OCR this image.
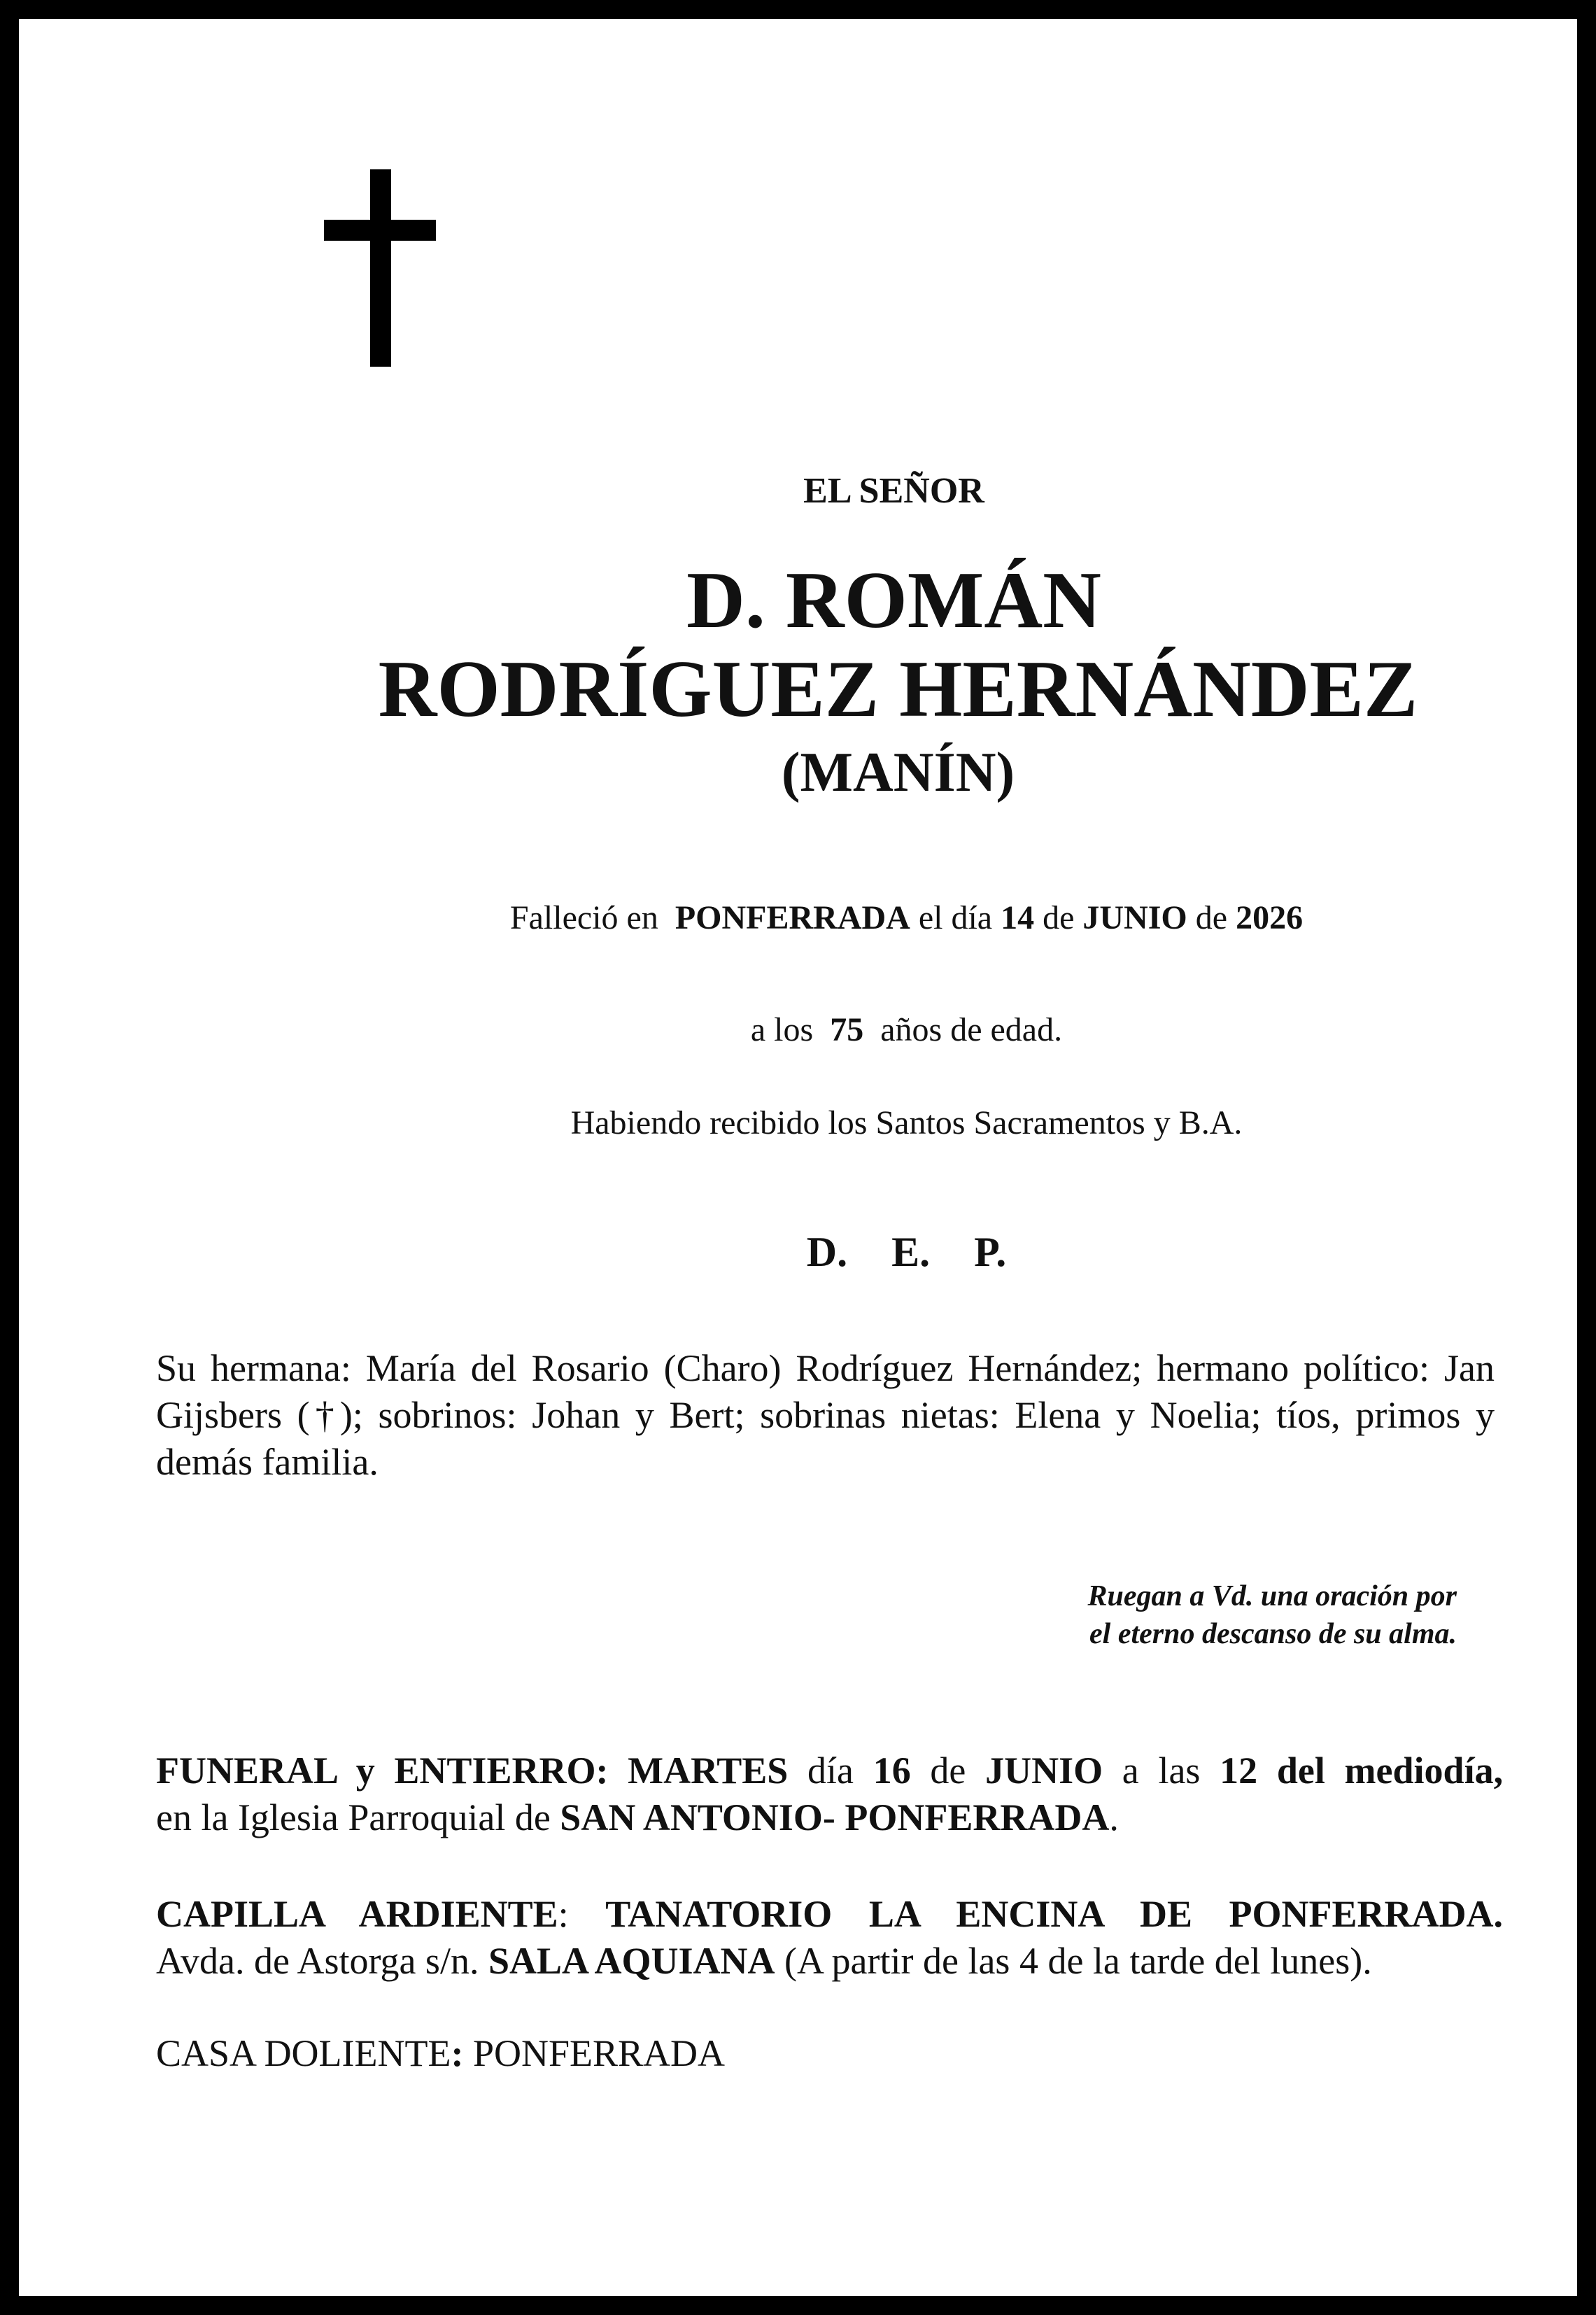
EL SEÑOR
D. ROMÁN
RODRÍGUEZ HERNÁNDEZ
(MANÍN)
Falleció en PONFERRADA el día 14 de JUNIO de 2026
a los 75 años de edad.
Habiendo recibido los Santos Sacramentos y B.A.
D. E. P.
Su hermana: María del Rosario (Charo) Rodríguez Hernández; hermano político: Jan Gijsbers (†); sobrinos: Johan y Bert; sobrinas nietas: Elena y Noelia; tíos, primos y demás familia.
Ruegan a Vd. una oración por
el eterno descanso de su alma.
FUNERAL y ENTIERRO: MARTES día 16 de JUNIO a las 12 del mediodía,
en la Iglesia Parroquial de SAN ANTONIO- PONFERRADA.
CAPILLA ARDIENTE: TANATORIO LA ENCINA DE PONFERRADA.
Avda. de Astorga s/n. SALA AQUIANA (A partir de las 4 de la tarde del lunes).
CASA DOLIENTE: PONFERRADA
